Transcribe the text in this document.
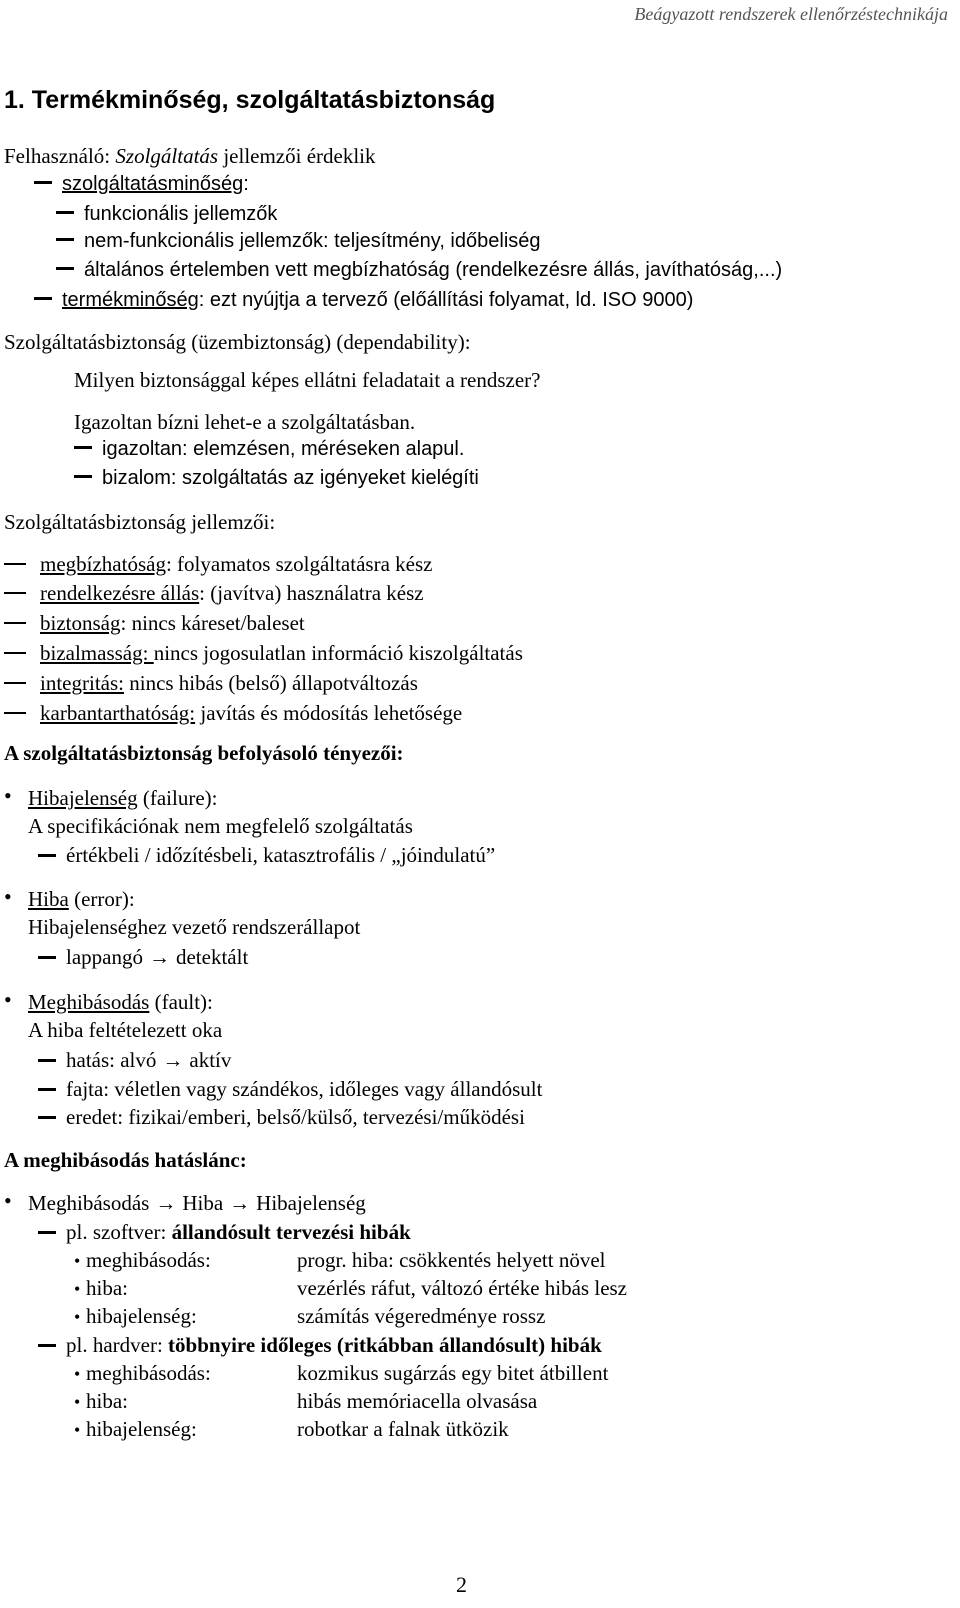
Beágyazott rendszerek ellenőrzéstechnikája
1. Termékminőség, szolgáltatásbiztonság
Felhasználó: Szolgáltatás jellemzői érdeklik
szolgáltatásminőség:
funkcionális jellemzők
nem-funkcionális jellemzők: teljesítmény, időbeliség
általános értelemben vett megbízhatóság (rendelkezésre állás, javíthatóság,...)
termékminőség: ezt nyújtja a tervező (előállítási folyamat, ld. ISO 9000)
Szolgáltatásbiztonság (üzembiztonság) (dependability):
Milyen biztonsággal képes ellátni feladatait a rendszer?
Igazoltan bízni lehet-e a szolgáltatásban.
igazoltan: elemzésen, méréseken alapul.
bizalom: szolgáltatás az igényeket kielégíti
Szolgáltatásbiztonság jellemzői:
megbízhatóság: folyamatos szolgáltatásra kész
rendelkezésre állás: (javítva) használatra kész
biztonság: nincs káreset/baleset
bizalmasság: nincs jogosulatlan információ kiszolgáltatás
integritás: nincs hibás (belső) állapotváltozás
karbantarthatóság: javítás és módosítás lehetősége
A szolgáltatásbiztonság befolyásoló tényezői:
• Hibajelenség (failure):
A specifikációnak nem megfelelő szolgáltatás
értékbeli / időzítésbeli, katasztrofális / „jóindulatú”
• Hiba (error):
Hibajelenséghez vezető rendszerállapot
lappangó → detektált
• Meghibásodás (fault):
A hiba feltételezett oka
hatás: alvó → aktív
fajta: véletlen vagy szándékos, időleges vagy állandósult
eredet: fizikai/emberi, belső/külső, tervezési/működési
A meghibásodás hatáslánc:
• Meghibásodás → Hiba → Hibajelenség
pl. szoftver: állandósult tervezési hibák
• meghibásodás:	progr. hiba: csökkentés helyett növel
• hiba:	vezérlés ráfut, változó értéke hibás lesz
• hibajelenség:	számítás végeredménye rossz
pl. hardver: többnyire időleges (ritkábban állandósult) hibák
• meghibásodás:	kozmikus sugárzás egy bitet átbillent
• hiba:	hibás memóriacella olvasása
• hibajelenség:	robotkar a falnak ütközik
2
